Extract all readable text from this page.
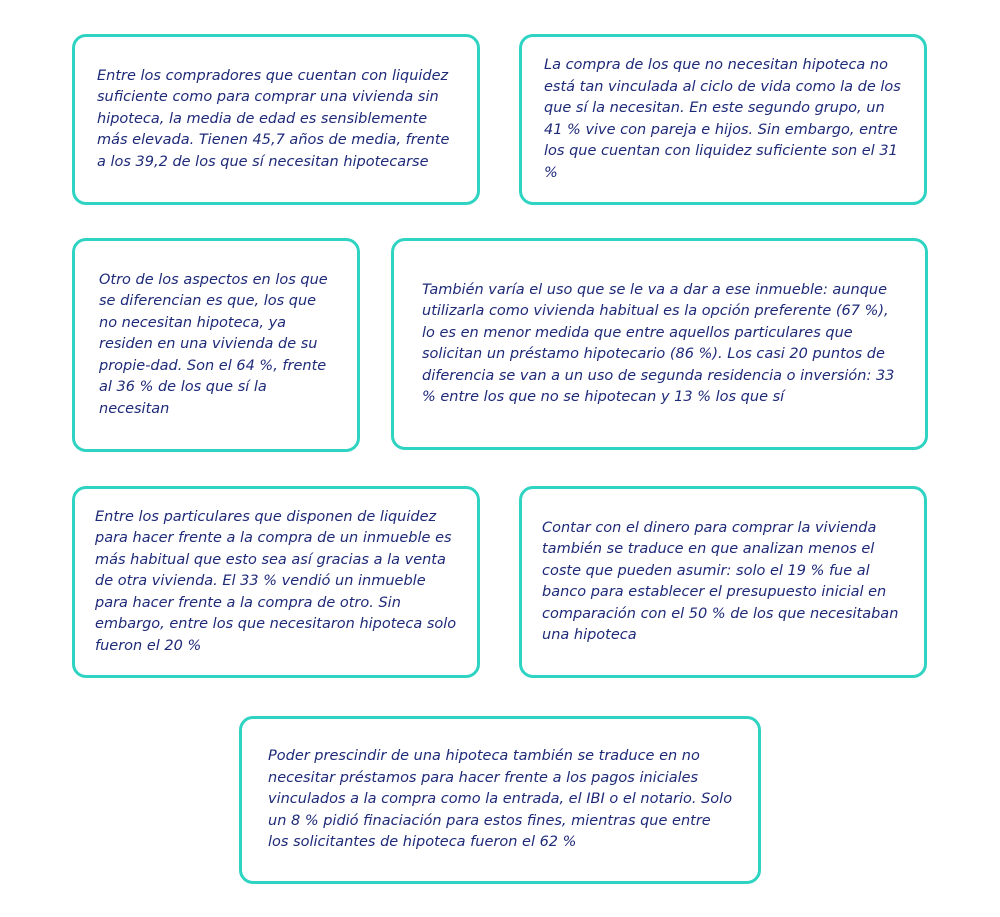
Entre los compradores que cuentan con liquidez suficiente como para comprar una vivienda sin hipoteca, la media de edad es sensiblemente más elevada. Tienen 45,7 años de media, frente a los 39,2 de los que sí necesitan hipotecarse

La compra de los que no necesitan hipoteca no está tan vinculada al ciclo de vida como la de los que sí la necesitan. En este segundo grupo, un 41 % vive con pareja e hijos. Sin embargo, entre los que cuentan con liquidez suficiente son el 31 %

Otro de los aspectos en los que se diferencian es que, los que no necesitan hipoteca, ya residen en una vivienda de su propie-dad. Son el 64 %, frente al 36 % de los que sí la necesitan

También varía el uso que se le va a dar a ese inmueble: aunque utilizarla como vivienda habitual es la opción preferente (67 %), lo es en menor medida que entre aquellos particulares que solicitan un préstamo hipotecario (86 %). Los casi 20 puntos de diferencia se van a un uso de segunda residencia o inversión: 33 % entre los que no se hipotecan y 13 % los que sí

Entre los particulares que disponen de liquidez para hacer frente a la compra de un inmueble es más habitual que esto sea así gracias a la venta de otra vivienda. El 33 % vendió un inmueble para hacer frente a la compra de otro. Sin embargo, entre los que necesitaron hipoteca solo fueron el 20 %

Contar con el dinero para comprar la vivienda también se traduce en que analizan menos el coste que pueden asumir: solo el 19 % fue al banco para establecer el presupuesto inicial en comparación con el 50 % de los que necesitaban una hipoteca

Poder prescindir de una hipoteca también se traduce en no necesitar préstamos para hacer frente a los pagos iniciales vinculados a la compra como la entrada, el IBI o el notario. Solo un 8 % pidió finaciación para estos fines, mientras que entre los solicitantes de hipoteca fueron el 62 %
